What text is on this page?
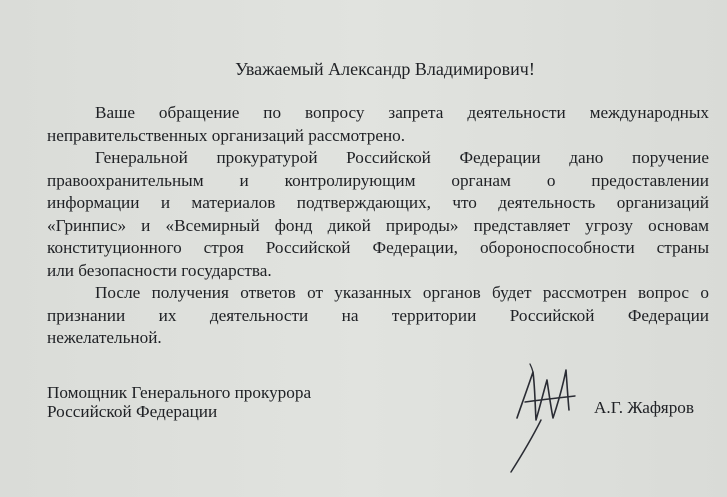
Уважаемый Александр Владимирович!

Ваше обращение по вопросу запрета деятельности международных
неправительственных организаций рассмотрено.

Генеральной прокуратурой Российской Федерации дано поручение
правоохранительным и контролирующим органам о предоставлении
информации и материалов подтверждающих, что деятельность организаций
«Гринпис» и «Всемирный фонд дикой природы» представляет угрозу основам
конституционного строя Российской Федерации, обороноспособности страны
или безопасности государства.

После получения ответов от указанных органов будет рассмотрен вопрос о
признании их деятельности на территории Российской Федерации
нежелательной.

Помощник Генерального прокурора
Российской Федерации	А.Г. Жафяров
